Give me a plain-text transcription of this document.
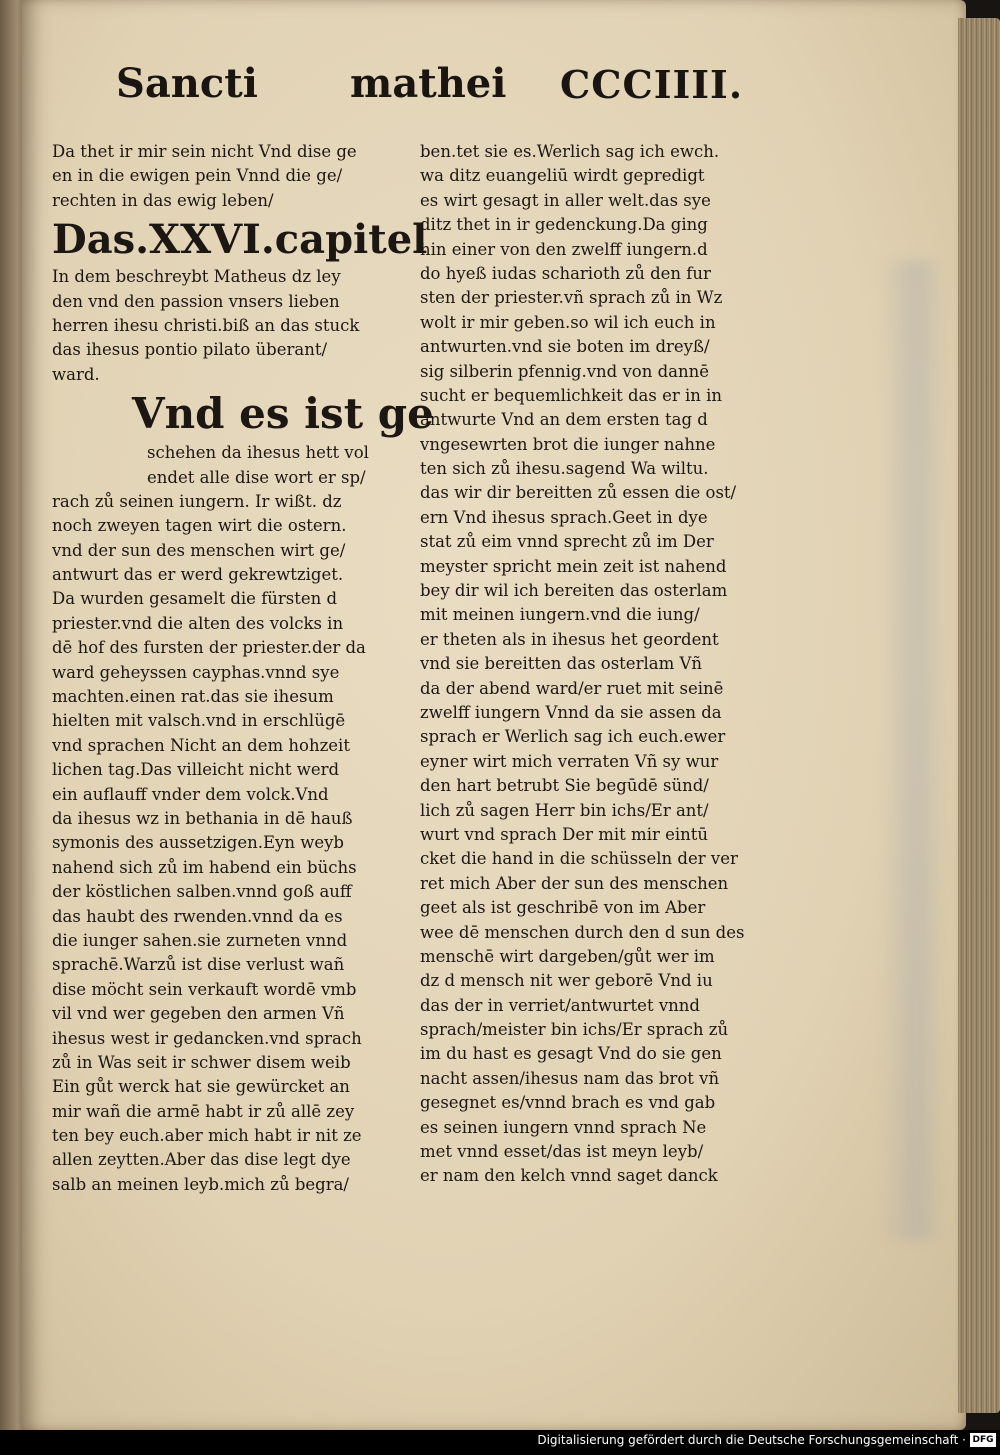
Sancti mathei CCCIIII.
Da thet ir mir sein nicht Vnd dise ge
en in die ewigen pein Vnnd die ge/
rechten in das ewig leben/
Das.XXVI.capitel
In dem beschreybt Matheus dz ley
den vnd den passion vnsers lieben
herren ihesu christi.biß an das stuck
das ihesus pontio pilato überant/
ward.
Vnd es ist ge
schehen da ihesus hett vol
endet alle dise wort er sp/
rach zů seinen iungern. Ir wißt. dz
noch zweyen tagen wirt die ostern.
vnd der sun des menschen wirt ge/
antwurt das er werd gekrewtziget.
Da wurden gesamelt die fürsten d
priester.vnd die alten des volcks in
dē hof des fursten der priester.der da
ward geheyssen cayphas.vnnd sye
machten.einen rat.das sie ihesum
hielten mit valsch.vnd in erschlügē
vnd sprachen Nicht an dem hohzeit
lichen tag.Das villeicht nicht werd
ein auflauff vnder dem volck.Vnd
da ihesus wz in bethania in dē hauß
symonis des aussetzigen.Eyn weyb
nahend sich zů im habend ein büchs
der köstlichen salben.vnnd goß auff
das haubt des rwenden.vnnd da es
die iunger sahen.sie zurneten vnnd
sprachē.Warzů ist dise verlust wañ
dise möcht sein verkauft wordē vmb
vil vnd wer gegeben den armen Vñ
ihesus west ir gedancken.vnd sprach
zů in Was seit ir schwer disem weib
Ein gůt werck hat sie gewürcket an
mir wañ die armē habt ir zů allē zey
ten bey euch.aber mich habt ir nit ze
allen zeytten.Aber das dise legt dye
salb an meinen leyb.mich zů begra/
ben.tet sie es.Werlich sag ich ewch.
wa ditz euangeliū wirdt gepredigt
es wirt gesagt in aller welt.das sye
ditz thet in ir gedenckung.Da ging
hin einer von den zwelff iungern.d
do hyeß iudas scharioth zů den fur
sten der priester.vñ sprach zů in Wz
wolt ir mir geben.so wil ich euch in
antwurten.vnd sie boten im dreyß/
sig silberin pfennig.vnd von dannē
sucht er bequemlichkeit das er in in
antwurte Vnd an dem ersten tag d
vngesewrten brot die iunger nahne
ten sich zů ihesu.sagend Wa wiltu.
das wir dir bereitten zů essen die ost/
ern Vnd ihesus sprach.Geet in dye
stat zů eim vnnd sprecht zů im Der
meyster spricht mein zeit ist nahend
bey dir wil ich bereiten das osterlam
mit meinen iungern.vnd die iung/
er theten als in ihesus het geordent
vnd sie bereitten das osterlam Vñ
da der abend ward/er ruet mit seinē
zwelff iungern Vnnd da sie assen da
sprach er Werlich sag ich euch.ewer
eyner wirt mich verraten Vñ sy wur
den hart betrubt Sie begūdē sünd/
lich zů sagen Herr bin ichs/Er ant/
wurt vnd sprach Der mit mir eintū
cket die hand in die schüsseln der ver
ret mich Aber der sun des menschen
geet als ist geschribē von im Aber
wee dē menschen durch den d sun des
menschē wirt dargeben/gůt wer im
dz d mensch nit wer geborē Vnd iu
das der in verriet/antwurtet vnnd
sprach/meister bin ichs/Er sprach zů
im du hast es gesagt Vnd do sie gen
nacht assen/ihesus nam das brot vñ
gesegnet es/vnnd brach es vnd gab
es seinen iungern vnnd sprach Ne
met vnnd esset/das ist meyn leyb/
er nam den kelch vnnd saget danck
Digitalisierung gefördert durch die Deutsche Forschungsgemeinschaft · DFG
